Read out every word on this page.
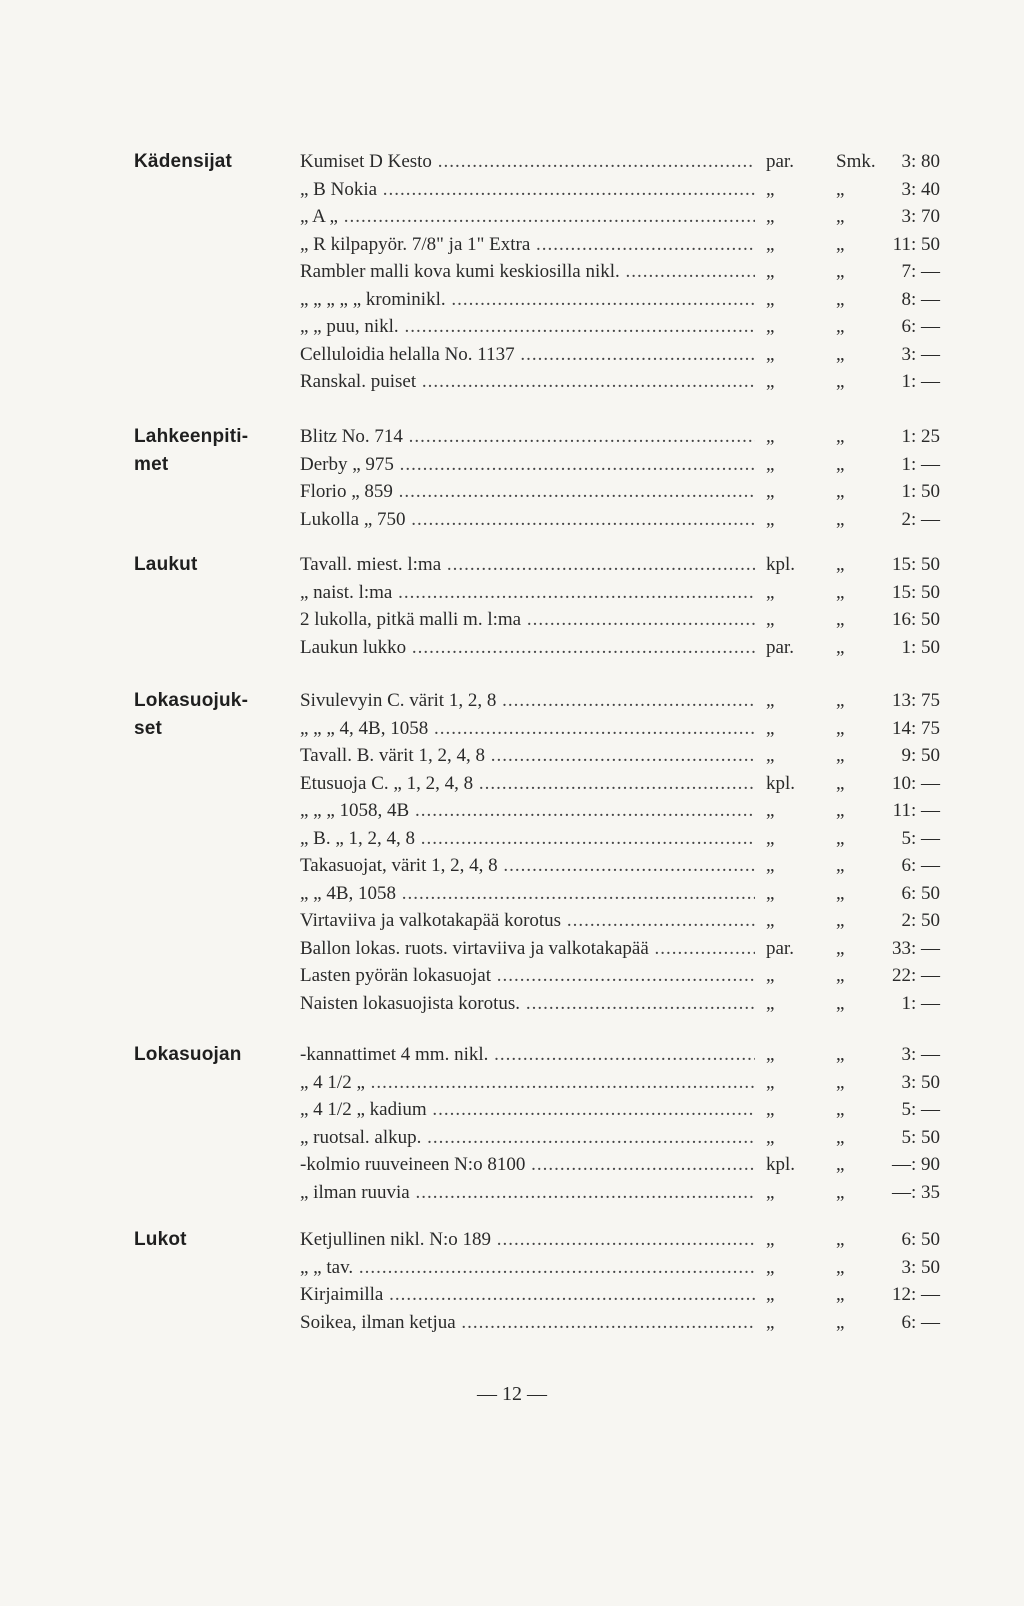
Kädensijat	Kumiset D Kesto .....	par. Smk. 3: 80
„ B Nokia .....	„	„	3: 40
„ A „ .....	„	„	3: 70
„ R kilpapyör. 7/8" ja 1" Extra .....	„	„	11: 50
Rambler malli kova kumi keskiosilla nikl. .....	„	„	7: —
„ „ „ „ „ krominikl. .....	„	„	8: —
„ „ puu, nikl. .....	„	„	6: —
Celluloidia helalla No. 1137 .....	„	„	3: —
Ranskal. puiset .....	„	„	1: —
Lahkeenpiti-
met
Blitz No. 714 .....	„	„	1: 25
Derby „ 975 .....	„	„	1: —
Florio „ 859 .....	„	„	1: 50
Lukolla „ 750 .....	„	„	2: —
Laukut	Tavall. miest. l:ma .....	kpl. „	15: 50
„ naist. l:ma .....	„	„	15: 50
2 lukolla, pitkä malli m. l:ma .....	„	„	16: 50
Laukun lukko .....	par. „	1: 50
Lokasuojuk-
set
Sivulevyin C. värit 1, 2, 8 .....	„	„	13: 75
„ „ „ 4, 4B, 1058 .....	„	„	14: 75
Tavall. B. värit 1, 2, 4, 8 .....	„	„	9: 50
Etusuoja C. „ 1, 2, 4, 8 .....	kpl. „	10: —
„ „ „ 1058, 4B .....	„	„	11: —
„ B. „ 1, 2, 4, 8 .....	„	„	5: —
Takasuojat, värit 1, 2, 4, 8 .....	„	„	6: —
„ „ 4B, 1058 .....	„	„	6: 50
Virtaviiva ja valkotakapää korotus .....	„	„	2: 50
Ballon lokas. ruots. virtaviiva ja valkotakapää .....	par. „	33: —
Lasten pyörän lokasuojat .....	„	„	22: —
Naisten lokasuojista korotus. .....	„	„	1: —
Lokasuojan	-kannattimet 4 mm. nikl. .....	„	„	3: —
„ 4 1/2 „ .....	„	„	3: 50
„ 4 1/2 „ kadium .....	„	„	5: —
„ ruotsal. alkup. .....	„	„	5: 50
-kolmio ruuveineen N:o 8100 .....	kpl. „	—: 90
„ ilman ruuvia .....	„	„	—: 35
Lukot	Ketjullinen nikl. N:o 189 .....	„	„	6: 50
„ „ tav. .....	„	„	3: 50
Kirjaimilla .....	„	„	12: —
Soikea, ilman ketjua .....	„	„	6: —
— 12 —
